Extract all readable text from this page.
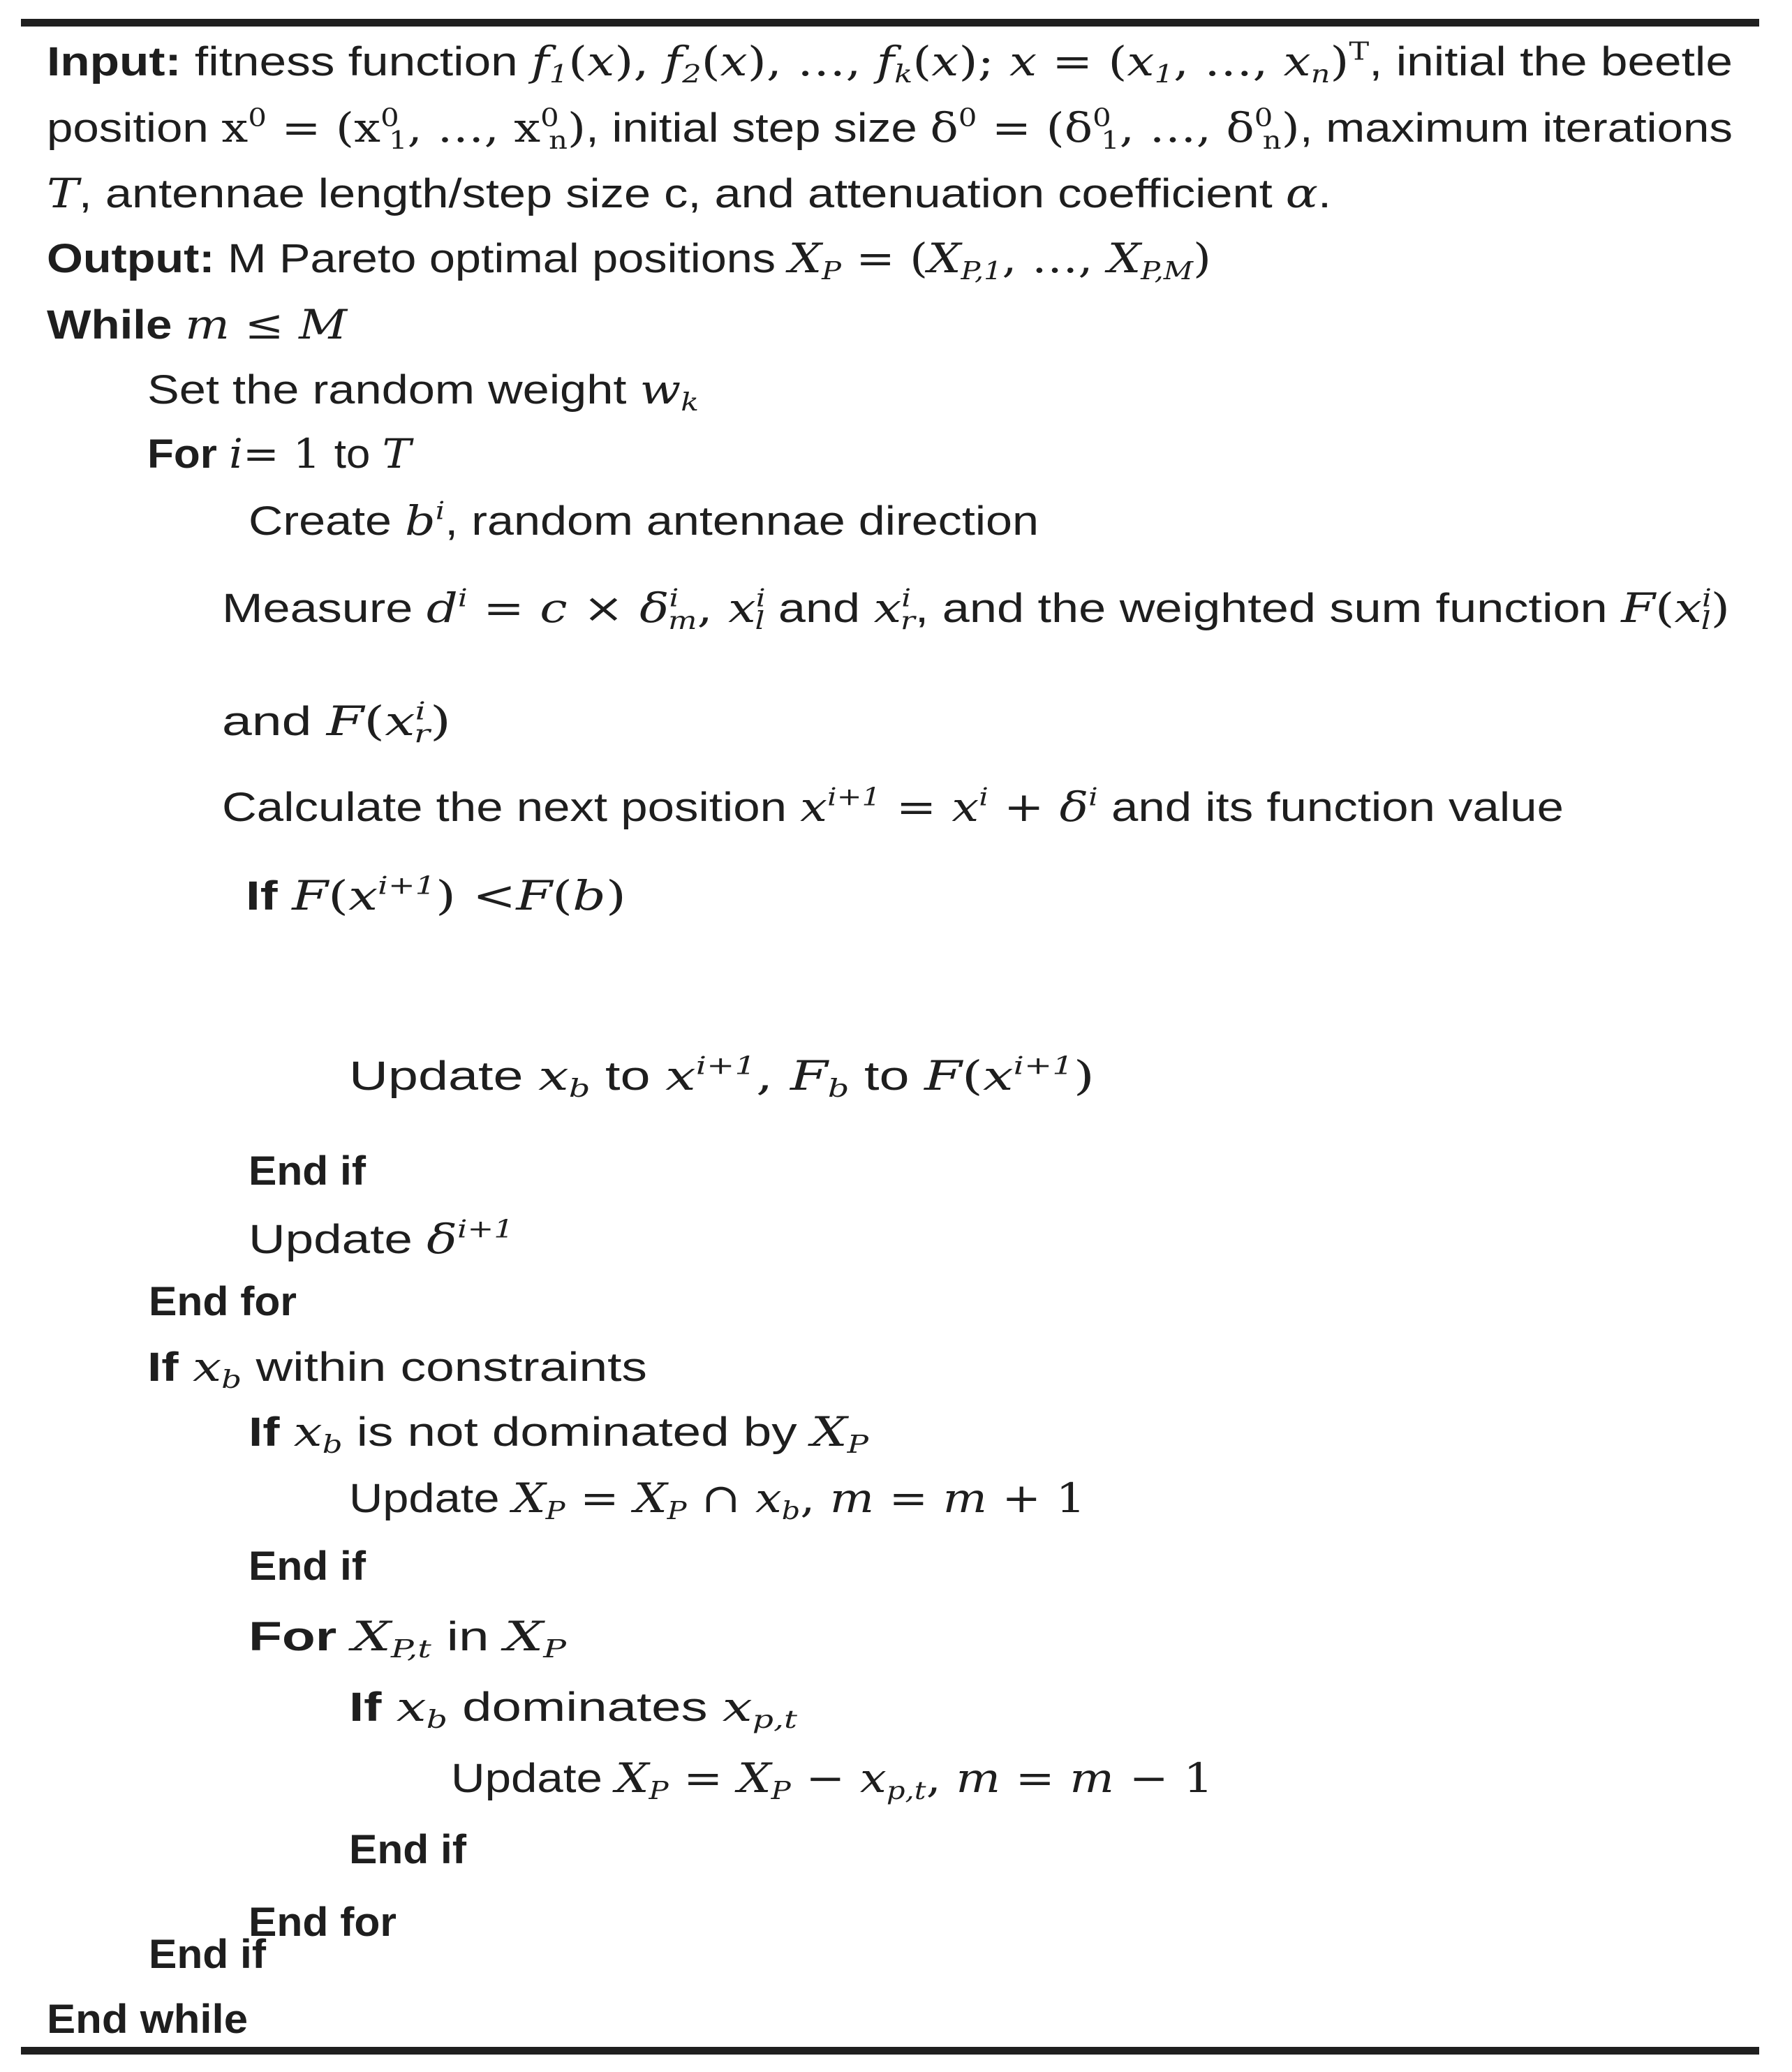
Input: fitness function $f_1(x)$, $f_2(x)$, …, $f_k(x)$; $x = (x_1$, …, $x_n)^T$, initial the beetle
position $x^0 = (x^0_1$, …, $x^0_n$), initial step size $\delta^0 = (\delta^0_1$, …, $\delta^0_n$), maximum iterations
T, antennae length/step size c, and attenuation coefficient α.
Output: M Pareto optimal positions $X_P = (X_{P,1}$, …, $X_{P,M}$)
While m ≤ M
Set the random weight $w_k$
For i= 1 to T
Create $b^i$, random antennae direction
Measure $d^i = c \times \delta^i_m$, $x^i_l$ and $x^i_r$, and the weighted sum function $F(x^i_l)$
and $F(x^i_r)$
Calculate the next position $x^{i+1} = x^i + \delta^i$ and its function value
If $F(x^{i+1}) <F(b)$
Update $x_b$ to $x^{i+1}$, $F_b$ to $F(x^{i+1})$
End if
Update $\delta^{i+1}$
End for
If $x_b$ within constraints
If $x_b$ is not dominated by $X_P$
Update $X_P = X_P$ ∩ $x_b$, m = m + 1
End if
For $X_{P,t}$ in $X_P$
If $x_b$ dominates $x_{p,t}$
Update $X_P = X_P - x_{p,t}$, m = m − 1
End if
End for
End if
End while
